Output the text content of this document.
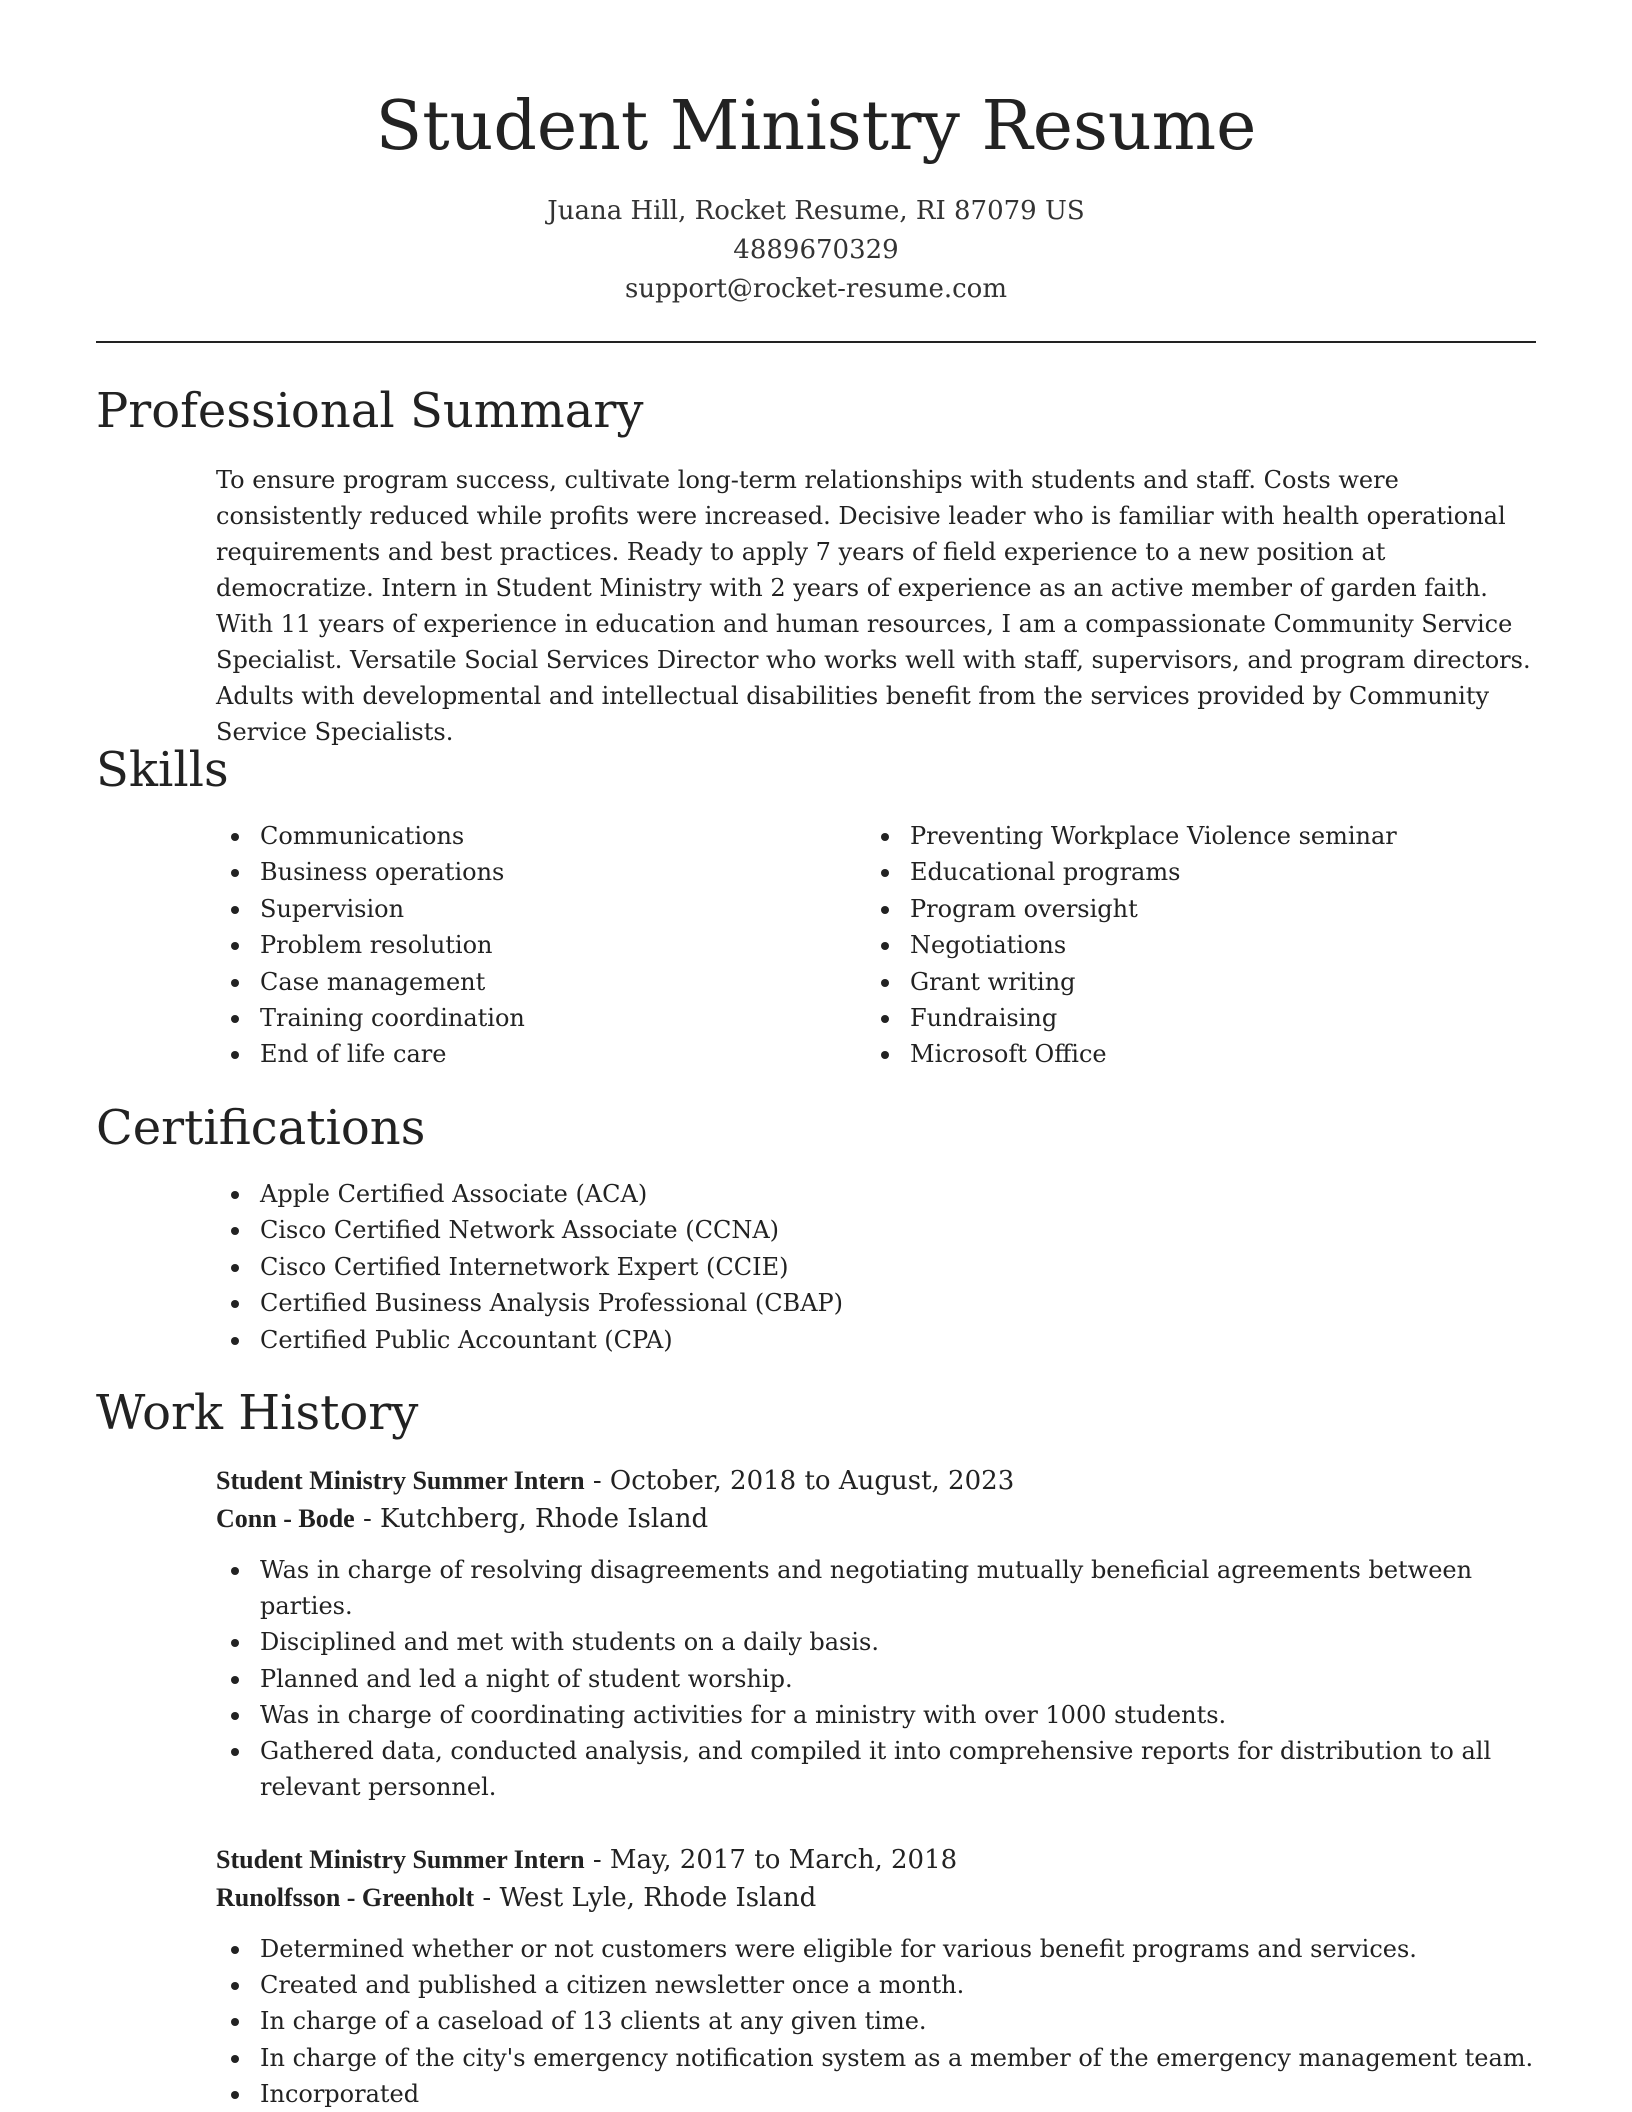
Student Ministry Resume
Juana Hill, Rocket Resume, RI 87079 US
4889670329
support@rocket-resume.com
Professional Summary

To ensure program success, cultivate long-term relationships with students and staff. Costs were consistently reduced while profits were increased. Decisive leader who is familiar with health operational requirements and best practices. Ready to apply 7 years of field experience to a new position at democratize. Intern in Student Ministry with 2 years of experience as an active member of garden faith. With 11 years of experience in education and human resources, I am a compassionate Community Service Specialist. Versatile Social Services Director who works well with staff, supervisors, and program directors. Adults with developmental and intellectual disabilities benefit from the services provided by Community Service Specialists.

Skills
Communications
Business operations
Supervision
Problem resolution
Case management
Training coordination
End of life care
Preventing Workplace Violence seminar
Educational programs
Program oversight
Negotiations
Grant writing
Fundraising
Microsoft Office
Certifications
Apple Certified Associate (ACA)
Cisco Certified Network Associate (CCNA)
Cisco Certified Internetwork Expert (CCIE)
Certified Business Analysis Professional (CBAP)
Certified Public Accountant (CPA)
Work History

Student Ministry Summer Intern - October, 2018 to August, 2023

Conn - Bode - Kutchberg, Rhode Island

Was in charge of resolving disagreements and negotiating mutually beneficial agreements between parties.
Disciplined and met with students on a daily basis.
Planned and led a night of student worship.
Was in charge of coordinating activities for a ministry with over 1000 students.
Gathered data, conducted analysis, and compiled it into comprehensive reports for distribution to all relevant personnel.

Student Ministry Summer Intern - May, 2017 to March, 2018

Runolfsson - Greenholt - West Lyle, Rhode Island

Determined whether or not customers were eligible for various benefit programs and services.
Created and published a citizen newsletter once a month.
In charge of a caseload of 13 clients at any given time.
In charge of the city's emergency notification system as a member of the emergency management team.
Incorporated
